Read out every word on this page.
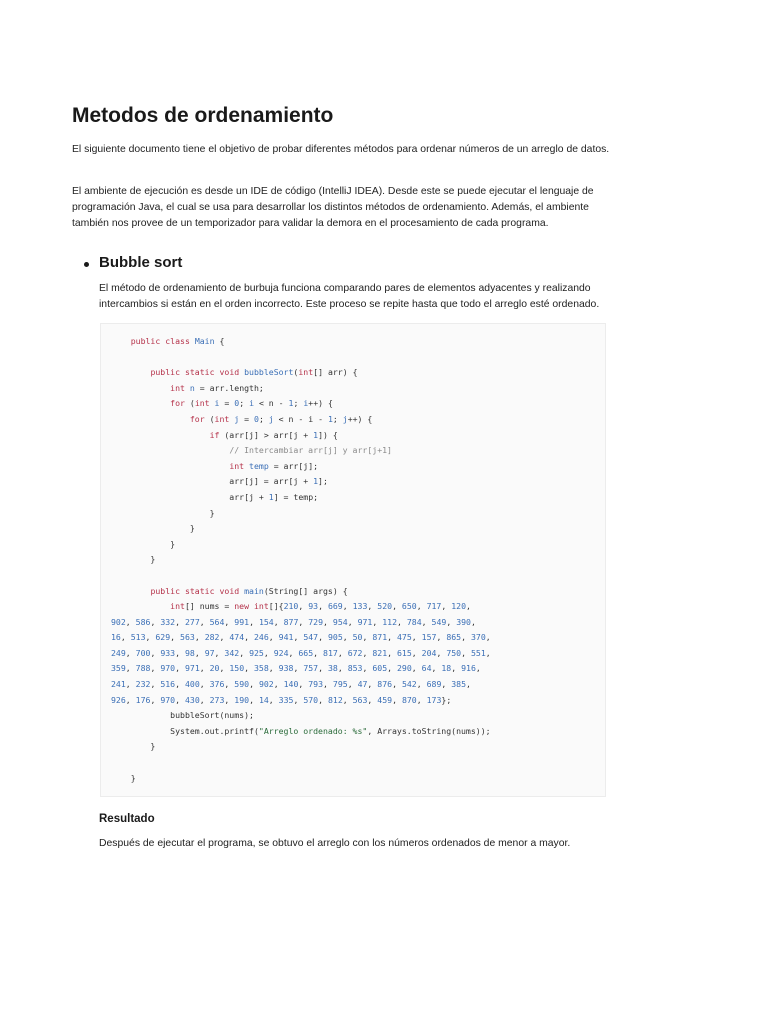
Metodos de ordenamiento

El siguiente documento tiene el objetivo de probar diferentes métodos para ordenar números de un arreglo de datos.

El ambiente de ejecución es desde un IDE de código (IntelliJ IDEA). Desde este se puede ejecutar el lenguaje de programación Java, el cual se usa para desarrollar los distintos métodos de ordenamiento. Además, el ambiente también nos provee de un temporizador para validar la demora en el procesamiento de cada programa.

Bubble sort

El método de ordenamiento de burbuja funciona comparando pares de elementos adyacentes y realizando intercambios si están en el orden incorrecto. Este proceso se repite hasta que todo el arreglo esté ordenado.

public class Main {

public static void bubbleSort(int[] arr) {
int n = arr.length;
for (int i = 0; i < n - 1; i++) {
for (int j = 0; j < n - i - 1; j++) {
if (arr[j] > arr[j + 1]) {
// Intercambiar arr[j] y arr[j+1]
int temp = arr[j];
arr[j] = arr[j + 1];
arr[j + 1] = temp;
}
}
}
}

public static void main(String[] args) {
int[] nums = new int[]{210, 93, 669, 133, 520, 650, 717, 120,
902, 586, 332, 277, 564, 991, 154, 877, 729, 954, 971, 112, 784, 549, 390,
16, 513, 629, 563, 282, 474, 246, 941, 547, 905, 50, 871, 475, 157, 865, 370,
249, 700, 933, 98, 97, 342, 925, 924, 665, 817, 672, 821, 615, 204, 750, 551,
359, 788, 970, 971, 20, 150, 358, 938, 757, 38, 853, 605, 290, 64, 18, 916,
241, 232, 516, 400, 376, 590, 902, 140, 793, 795, 47, 876, 542, 689, 385,
926, 176, 970, 430, 273, 190, 14, 335, 570, 812, 563, 459, 870, 173};
bubbleSort(nums);
System.out.printf("Arreglo ordenado: %s", Arrays.toString(nums));
}

}

Resultado

Después de ejecutar el programa, se obtuvo el arreglo con los números ordenados de menor a mayor.
